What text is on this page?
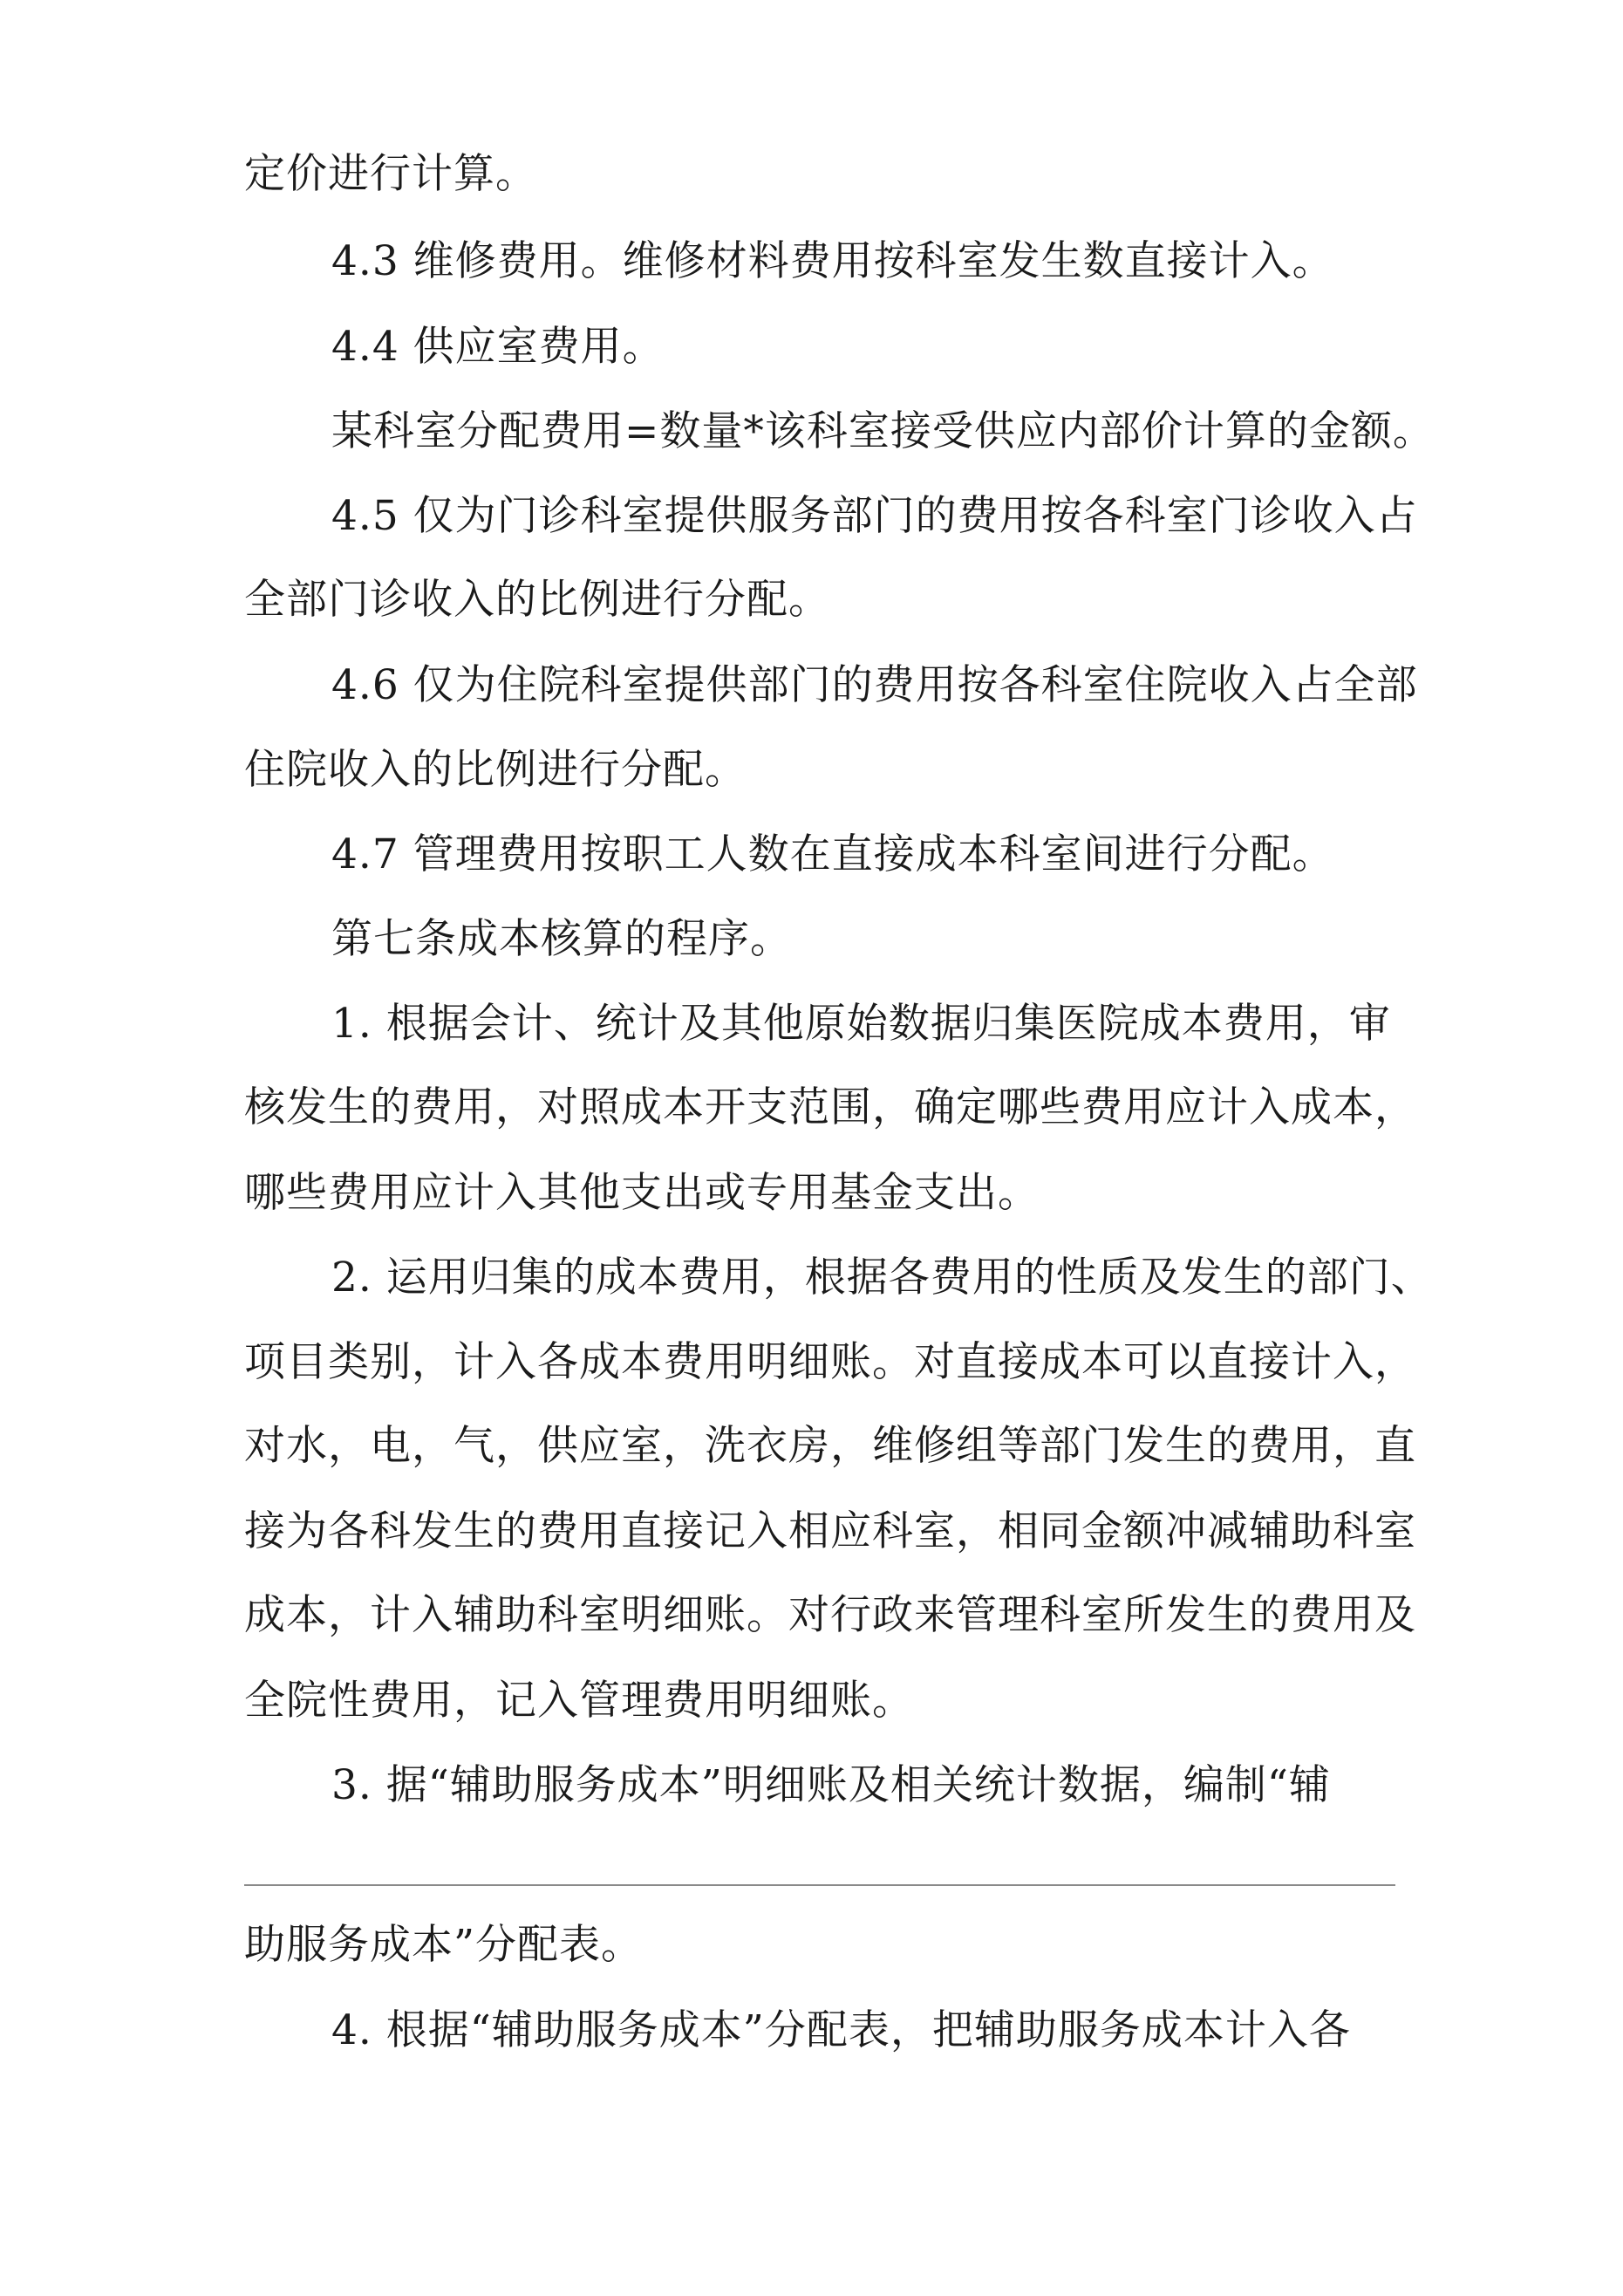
定价进行计算。
4.3 维修费用。维修材料费用按科室发生数直接计入。
4.4 供应室费用。
某科室分配费用=数量*该科室接受供应内部价计算的金额。
4.5 仅为门诊科室提供服务部门的费用按各科室门诊收入占
全部门诊收入的比例进行分配。
4.6 仅为住院科室提供部门的费用按各科室住院收入占全部
住院收入的比例进行分配。
4.7 管理费用按职工人数在直接成本科室间进行分配。
第七条成本核算的程序。
1. 根据会计、统计及其他原始数据归集医院成本费用，审
核发生的费用，对照成本开支范围，确定哪些费用应计入成本，
哪些费用应计入其他支出或专用基金支出。
2. 运用归集的成本费用，根据各费用的性质及发生的部门、
项目类别，计入各成本费用明细账。对直接成本可以直接计入，
对水，电，气，供应室，洗衣房，维修组等部门发生的费用，直
接为各科发生的费用直接记入相应科室，相同金额冲减辅助科室
成本，计入辅助科室明细账。对行政来管理科室所发生的费用及
全院性费用，记入管理费用明细账。
3. 据“辅助服务成本”明细账及相关统计数据，编制“辅
助服务成本”分配表。
4. 根据“辅助服务成本”分配表，把辅助服务成本计入各
